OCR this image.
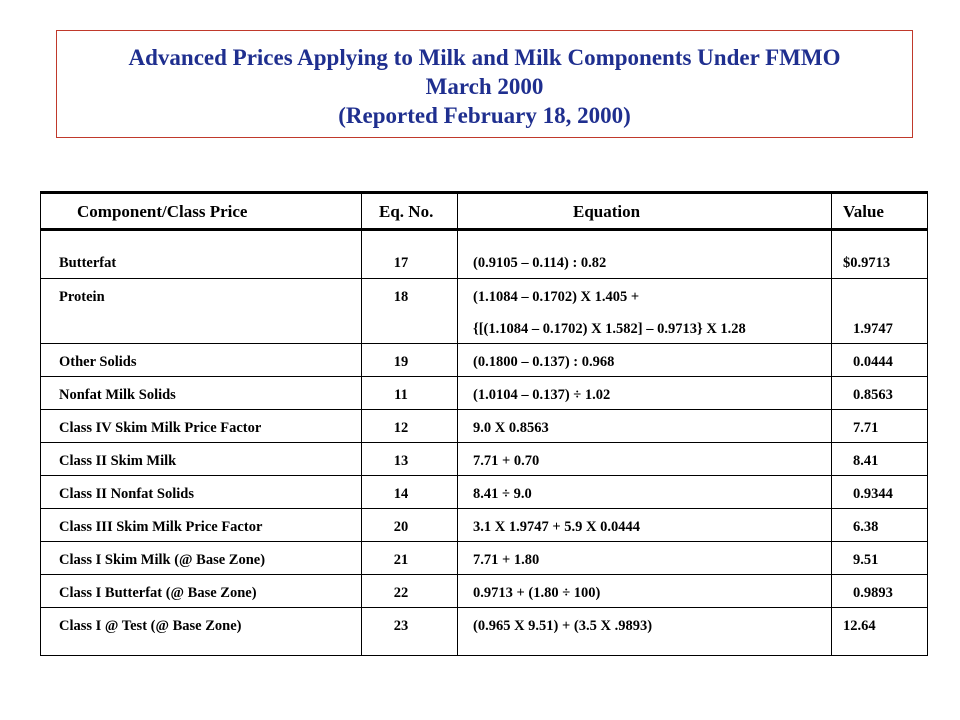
Advanced Prices Applying to Milk and Milk Components Under FMMO
March 2000
(Reported February 18, 2000)
Component/Class Price	Eq. No.	Equation	Value
Butterfat	17	(0.9105 – 0.114) : 0.82	$0.9713
Protein	18	(1.1084 – 0.1702) X 1.405 +
{[(1.1084 – 0.1702) X 1.582] – 0.9713} X 1.28	1.9747
Other Solids	19	(0.1800 – 0.137) : 0.968	0.0444
Nonfat Milk Solids	11	(1.0104 – 0.137) ÷ 1.02	0.8563
Class IV Skim Milk Price Factor	12	9.0 X 0.8563	7.71
Class II Skim Milk	13	7.71 + 0.70	8.41
Class II Nonfat Solids	14	8.41 ÷ 9.0	0.9344
Class III Skim Milk Price Factor	20	3.1 X 1.9747 + 5.9 X 0.0444	6.38
Class I Skim Milk (@ Base Zone)	21	7.71 + 1.80	9.51
Class I Butterfat (@ Base Zone)	22	0.9713 + (1.80 ÷ 100)	0.9893
Class I @ Test (@ Base Zone)	23	(0.965 X 9.51) + (3.5 X .9893)	12.64
